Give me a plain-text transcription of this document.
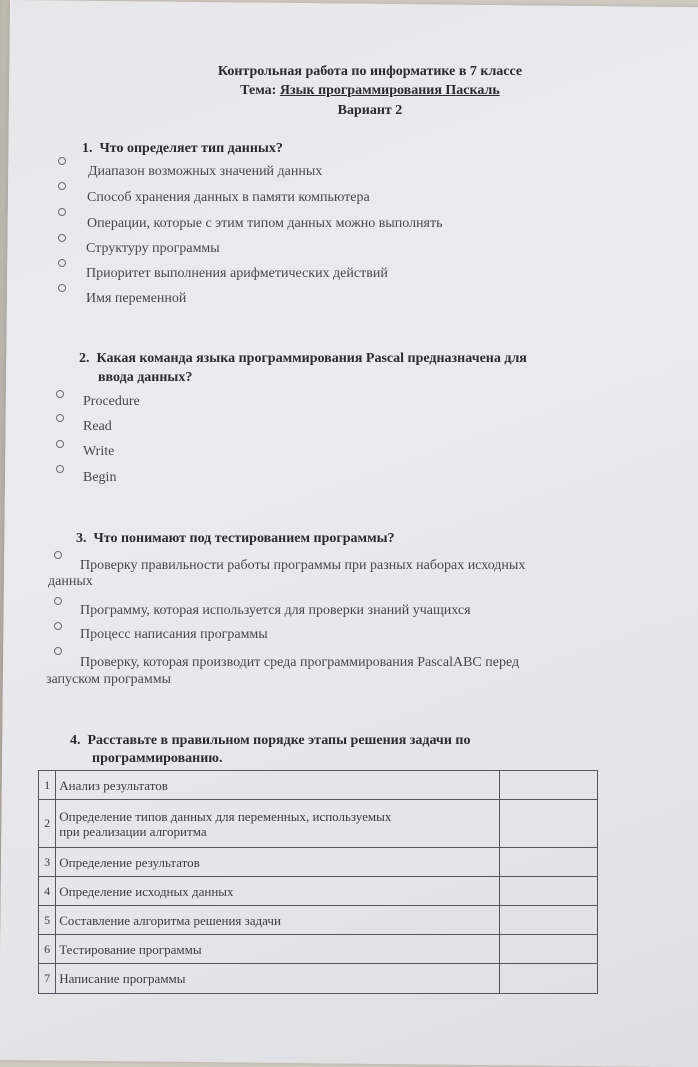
Контрольная работа по информатике в 7 классе
Тема: Язык программирования Паскаль
Вариант 2
1. Что определяет тип данных?
Диапазон возможных значений данных
Способ хранения данных в памяти компьютера
Операции, которые с этим типом данных можно выполнять
Структуру программы
Приоритет выполнения арифметических действий
Имя переменной
2. Какая команда языка программирования Pascal предназначена для
ввода данных?
Procedure
Read
Write
Begin
3. Что понимают под тестированием программы?
Проверку правильности работы программы при разных наборах исходных
данных
Программу, которая используется для проверки знаний учащихся
Процесс написания программы
Проверку, которая производит среда программирования PascalABC перед
запуском программы
4. Расставьте в правильном порядке этапы решения задачи по
программированию.
1	Анализ результатов	
2	Определение типов данных для переменных, используемых
при реализации алгоритма	

3	Определение результатов	
4	Определение исходных данных	
5	Составление алгоритма решения задачи	
6	Тестирование программы	
7	Написание программы	
